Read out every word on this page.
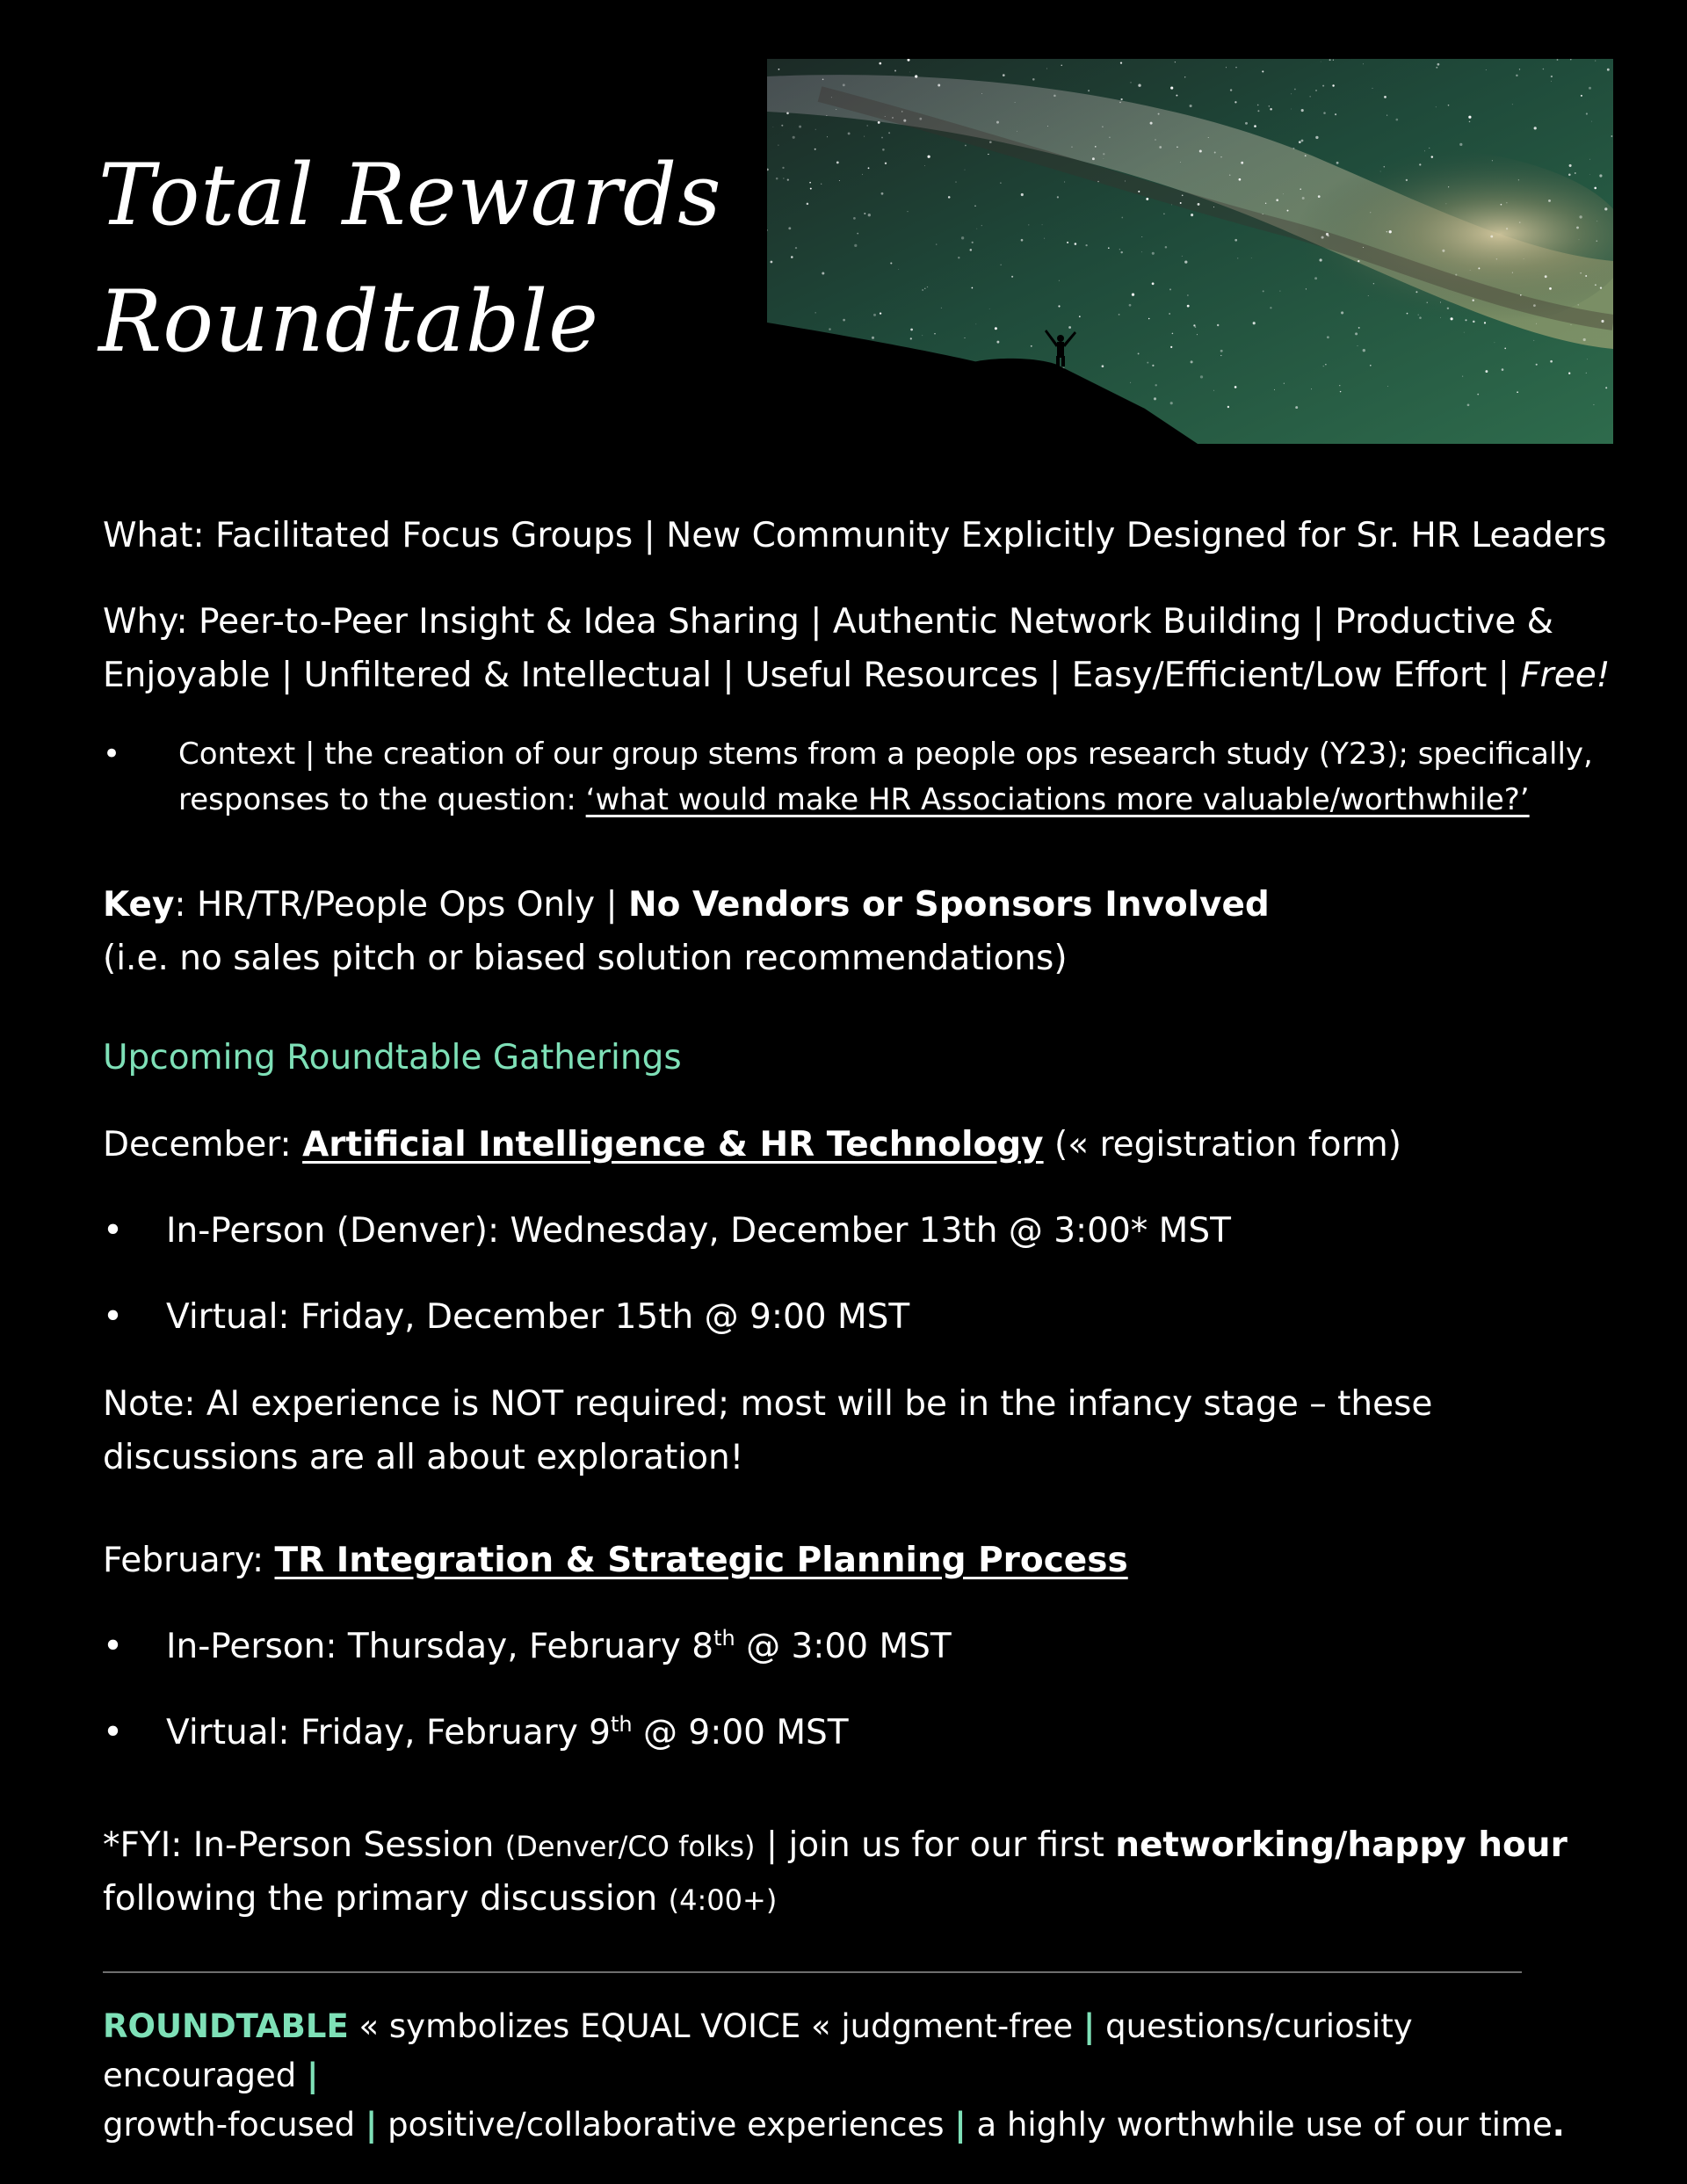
Total Rewards
Roundtable

What: Facilitated Focus Groups | New Community Explicitly Designed for Sr. HR Leaders

Why: Peer-to-Peer Insight & Idea Sharing | Authentic Network Building | Productive & Enjoyable | Unfiltered & Intellectual | Useful Resources | Easy/Efficient/Low Effort | Free!

• Context | the creation of our group stems from a people ops research study (Y23); specifically, responses to the question: ‘what would make HR Associations more valuable/worthwhile?’

Key: HR/TR/People Ops Only | No Vendors or Sponsors Involved

(i.e. no sales pitch or biased solution recommendations)

Upcoming Roundtable Gatherings

December: Artificial Intelligence & HR Technology (« registration form)

• In-Person (Denver): Wednesday, December 13th @ 3:00* MST
• Virtual: Friday, December 15th @ 9:00 MST

Note: AI experience is NOT required; most will be in the infancy stage – these discussions are all about exploration!

February: TR Integration & Strategic Planning Process

• In-Person: Thursday, February 8th @ 3:00 MST
• Virtual: Friday, February 9th @ 9:00 MST

*FYI: In-Person Session (Denver/CO folks) | join us for our first networking/happy hour

following the primary discussion (4:00+)

ROUNDTABLE « symbolizes EQUAL VOICE « judgment-free | questions/curiosity encouraged |
growth-focused | positive/collaborative experiences | a highly worthwhile use of our time.
